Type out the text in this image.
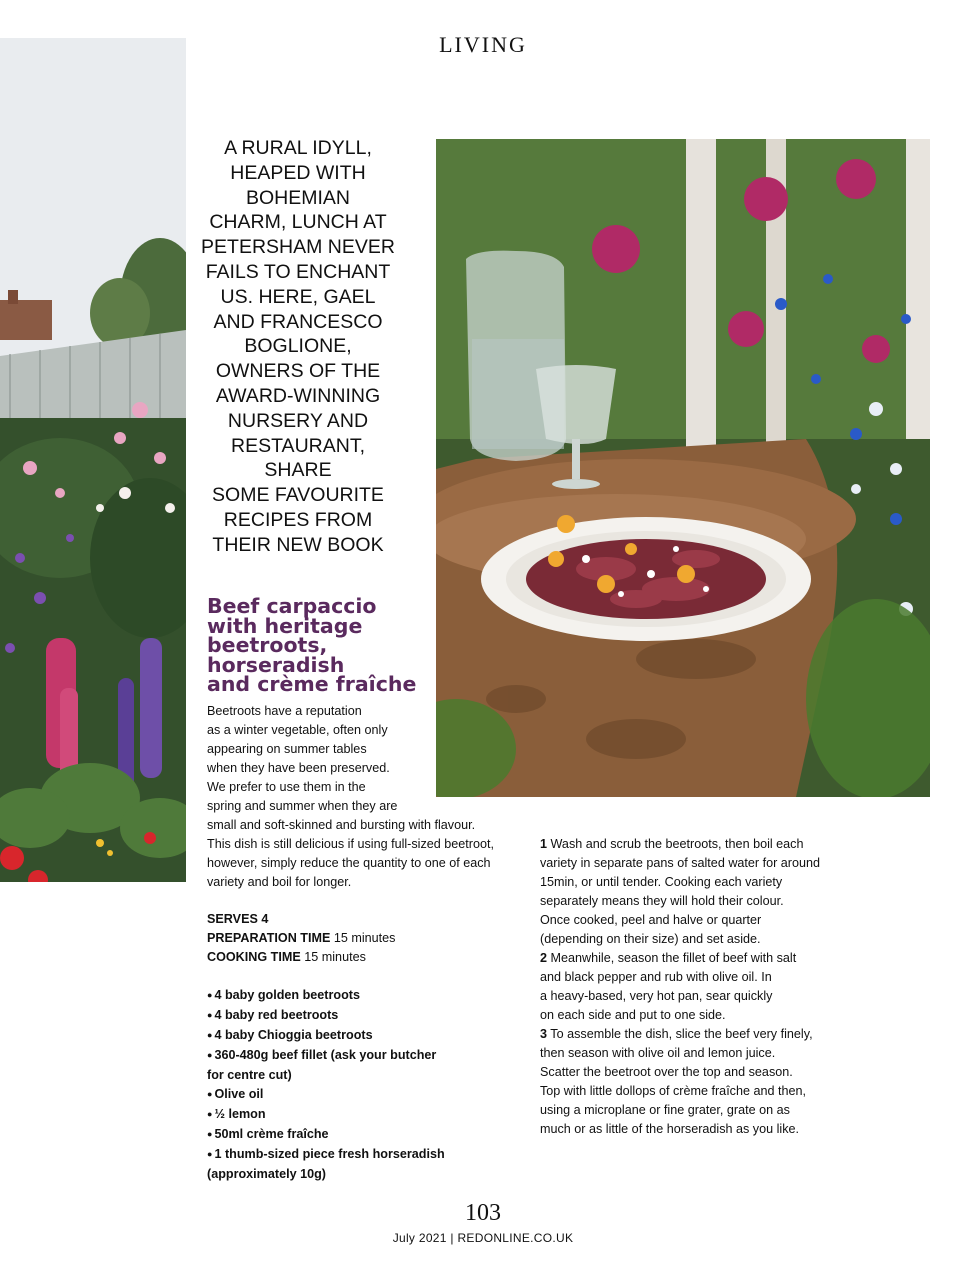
LIVING
A RURAL IDYLL,
HEAPED WITH
BOHEMIAN
CHARM, LUNCH AT
PETERSHAM NEVER
FAILS TO ENCHANT
US. HERE, GAEL
AND FRANCESCO
BOGLIONE,
OWNERS OF THE
AWARD-WINNING
NURSERY AND
RESTAURANT, SHARE
SOME FAVOURITE
RECIPES FROM
THEIR NEW BOOK
Beef carpaccio
with heritage
beetroots,
horseradish
and crème fraîche
Beetroots have a reputation
as a winter vegetable, often only
appearing on summer tables
when they have been preserved.
We prefer to use them in the
spring and summer when they are
small and soft-skinned and bursting with flavour.
This dish is still delicious if using full-sized beetroot,
however, simply reduce the quantity to one of each
variety and boil for longer.
SERVES 4
PREPARATION TIME 15 minutes
COOKING TIME 15 minutes
● 4 baby golden beetroots
● 4 baby red beetroots
● 4 baby Chioggia beetroots
● 360-480g beef fillet (ask your butcher
for centre cut)
● Olive oil
● ½ lemon
● 50ml crème fraîche
● 1 thumb-sized piece fresh horseradish
(approximately 10g)
1 Wash and scrub the beetroots, then boil each
variety in separate pans of salted water for around
15min, or until tender. Cooking each variety
separately means they will hold their colour.
Once cooked, peel and halve or quarter
(depending on their size) and set aside.
2 Meanwhile, season the fillet of beef with salt
and black pepper and rub with olive oil. In
a heavy-based, very hot pan, sear quickly
on each side and put to one side.
3 To assemble the dish, slice the beef very finely,
then season with olive oil and lemon juice.
Scatter the beetroot over the top and season.
Top with little dollops of crème fraîche and then,
using a microplane or fine grater, grate on as
much or as little of the horseradish as you like.
103
July 2021 | REDONLINE.CO.UK
